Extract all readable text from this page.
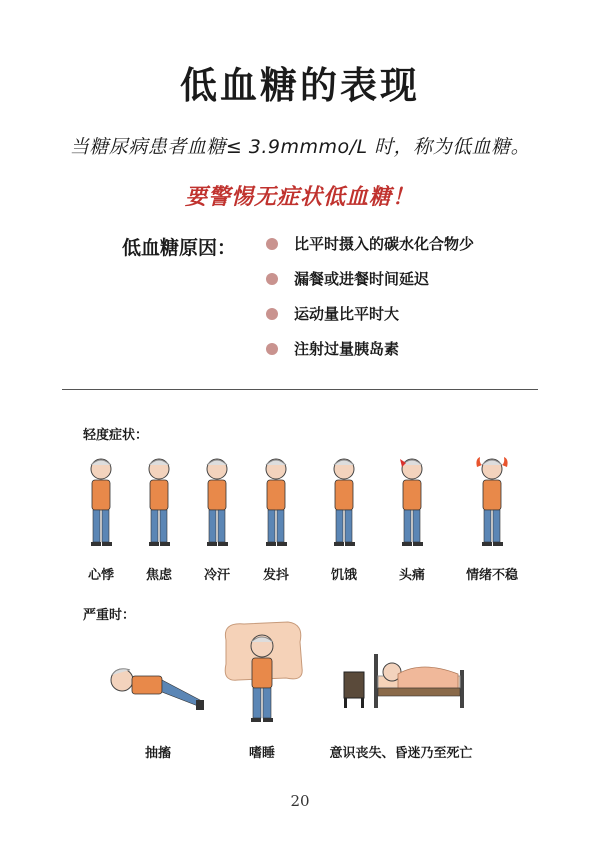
低血糖的表现
当糖尿病患者血糖≤ 3.9mmmo/L 时，称为低血糖。
要警惕无症状低血糖！
低血糖原因：	比平时摄入的碳水化合物少
漏餐或进餐时间延迟
运动量比平时大
注射过量胰岛素
轻度症状：
心悸	焦虑	冷汗	发抖	饥饿	头痛	情绪不稳
严重时：
抽搐	嗜睡	意识丧失、昏迷乃至死亡
20
